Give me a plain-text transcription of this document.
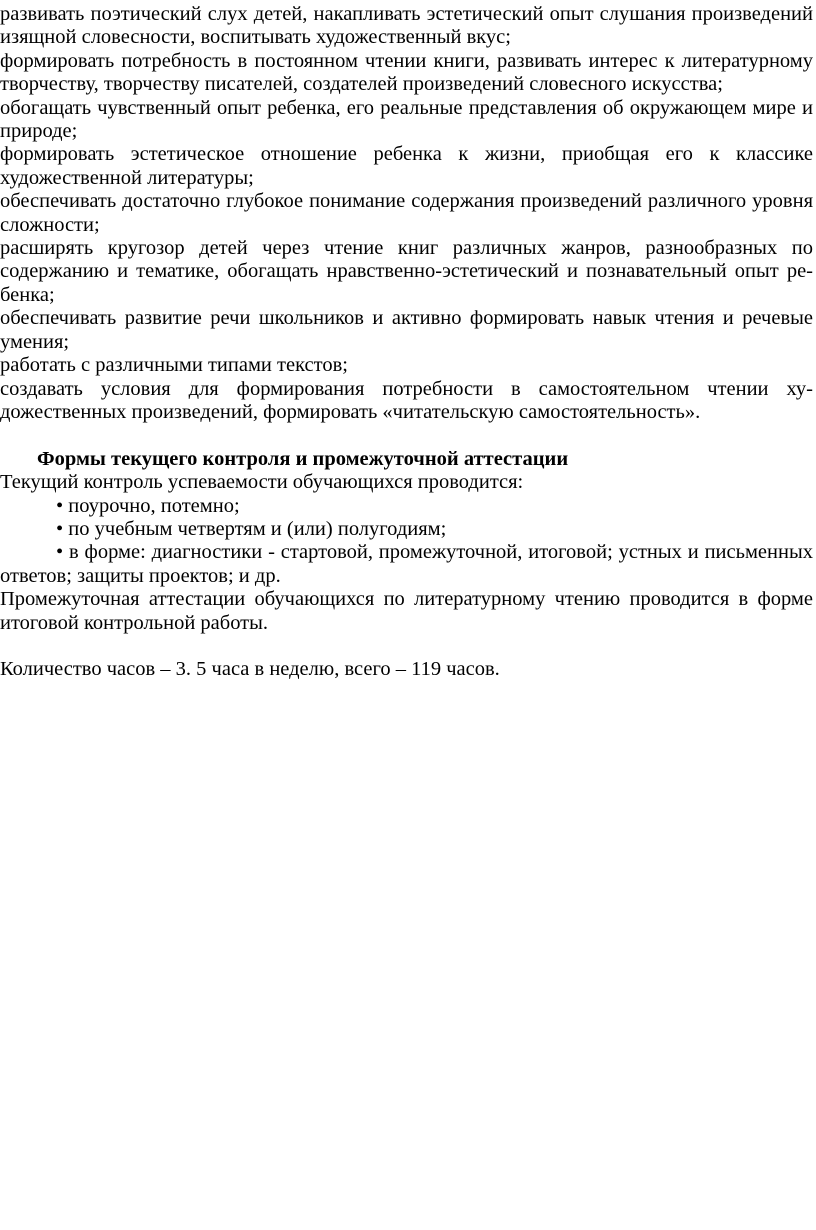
развивать поэтический слух детей, накапливать эстетический опыт слушания произведений изящной словесности, воспитывать художественный вкус;

формировать потребность в постоянном чтении книги, развивать интерес к литературному творчеству, творчеству писателей, создателей произведений словесного искусства;

обогащать чувственный опыт ребенка, его реальные представления об окружающем мире и природе;

формировать эстетическое отношение ребенка к жизни, приобщая его к классике художественной литературы;

обеспечивать достаточно глубокое понимание содержания произведений различного уровня сложности;

расширять кругозор детей через чтение книг различных жанров, разнообразных по содержанию и тематике, обогащать нравственно-эстетический и познавательный опыт ребенка;

обеспечивать развитие речи школьников и активно формировать навык чтения и речевые умения;

работать с различными типами текстов;

создавать условия для формирования потребности в самостоятельном чтении художественных произведений, формировать «читательскую самостоятельность».

Формы текущего контроля и промежуточной аттестации

Текущий контроль успеваемости обучающихся проводится:

• поурочно, потемно;

• по учебным четвертям и (или) полугодиям;

• в форме: диагностики - стартовой, промежуточной, итоговой; устных и письменных ответов; защиты проектов; и др.

Промежуточная аттестации обучающихся по литературному чтению проводится в форме итоговой контрольной работы.

Количество часов – 3. 5 часа в неделю, всего – 119 часов.
